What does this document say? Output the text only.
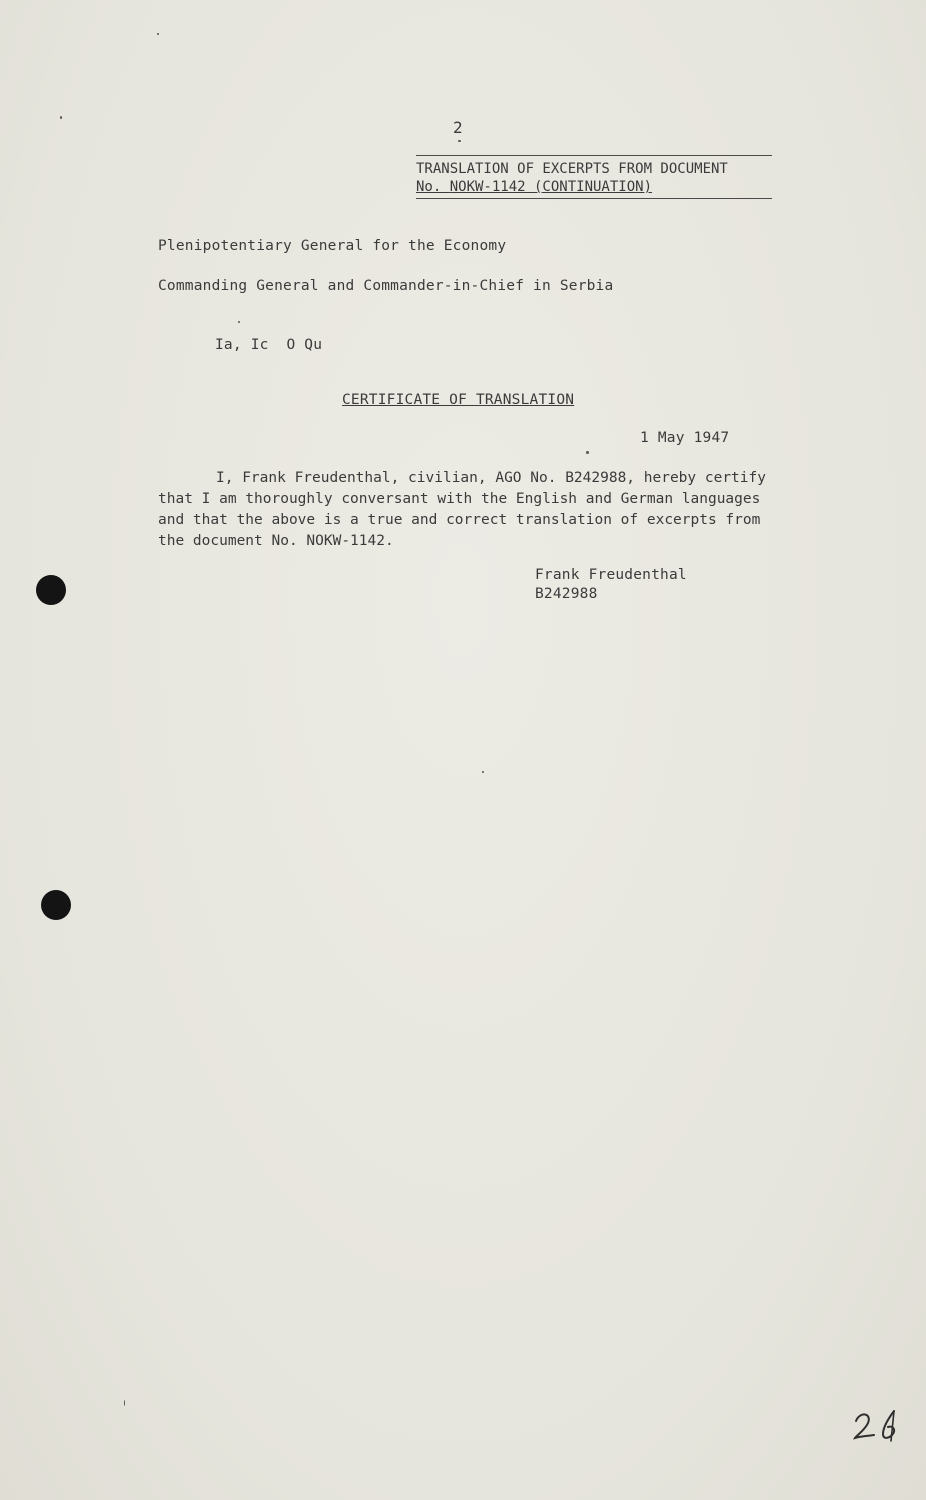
2
TRANSLATION OF EXCERPTS FROM DOCUMENT
No. NOKW-1142 (CONTINUATION)
Plenipotentiary General for the Economy
Commanding General and Commander-in-Chief in Serbia
Ia, Ic  O Qu
CERTIFICATE OF TRANSLATION
1 May 1947
I, Frank Freudenthal, civilian, AGO No. B242988, hereby certify
that I am thoroughly conversant with the English and German languages
and that the above is a true and correct translation of excerpts from
the document No. NOKW-1142.
Frank Freudenthal
B242988
